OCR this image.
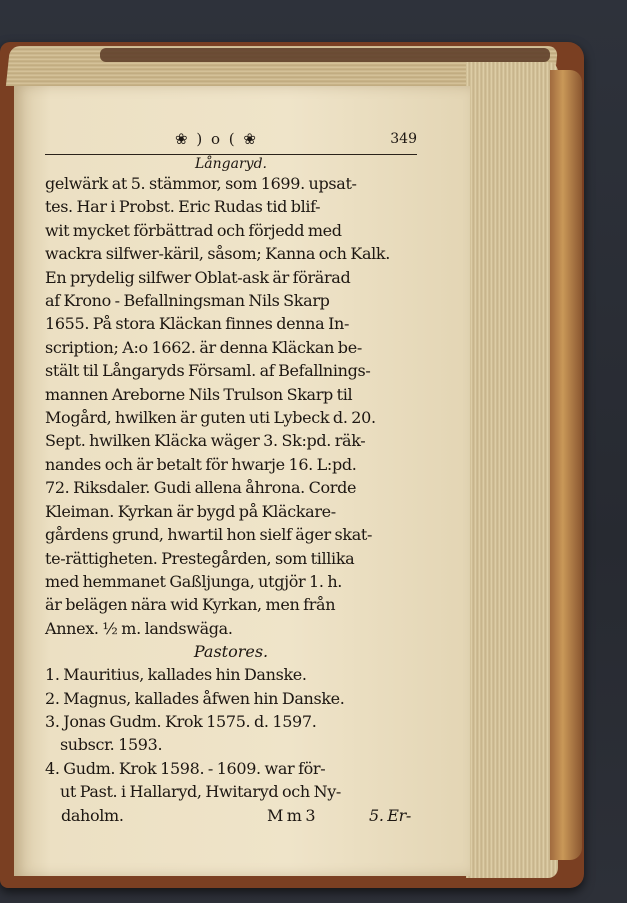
❀ ) o ( ❀	349
Långaryd.
gelwärk at 5. stämmor, som 1699. upsat-
tes. Har i Probst. Eric Rudas tid blif-
wit mycket förbättrad och förjedd med
wackra silfwer-käril, såsom; Kanna och Kalk.
En prydelig silfwer Oblat-ask är förärad
af Krono - Befallningsman Nils Skarp
1655. På stora Kläckan finnes denna In-
scription; A:o 1662. är denna Kläckan be-
stält til Långaryds Församl. af Befallnings-
mannen Areborne Nils Trulson Skarp til
Mogård, hwilken är guten uti Lybeck d. 20.
Sept. hwilken Kläcka wäger 3. Sk:pd. räk-
nandes och är betalt för hwarje 16. L:pd.
72. Riksdaler. Gudi allena åhrona. Corde
Kleiman. Kyrkan är bygd på Kläckare-
gårdens grund, hwartil hon sielf äger skat-
te-rättigheten. Prestegården, som tillika
med hemmanet Gaßljunga, utgjör 1. h.
är belägen nära wid Kyrkan, men från
Annex. ½ m. landswäga.
Pastores.
1. Mauritius, kallades hin Danske.
2. Magnus, kallades åfwen hin Danske.
3. Jonas Gudm. Krok 1575. d. 1597.
subscr. 1593.
4. Gudm. Krok 1598. - 1609. war för-
ut Past. i Hallaryd, Hwitaryd och Ny-
daholm.	M m 3	5. Er-
